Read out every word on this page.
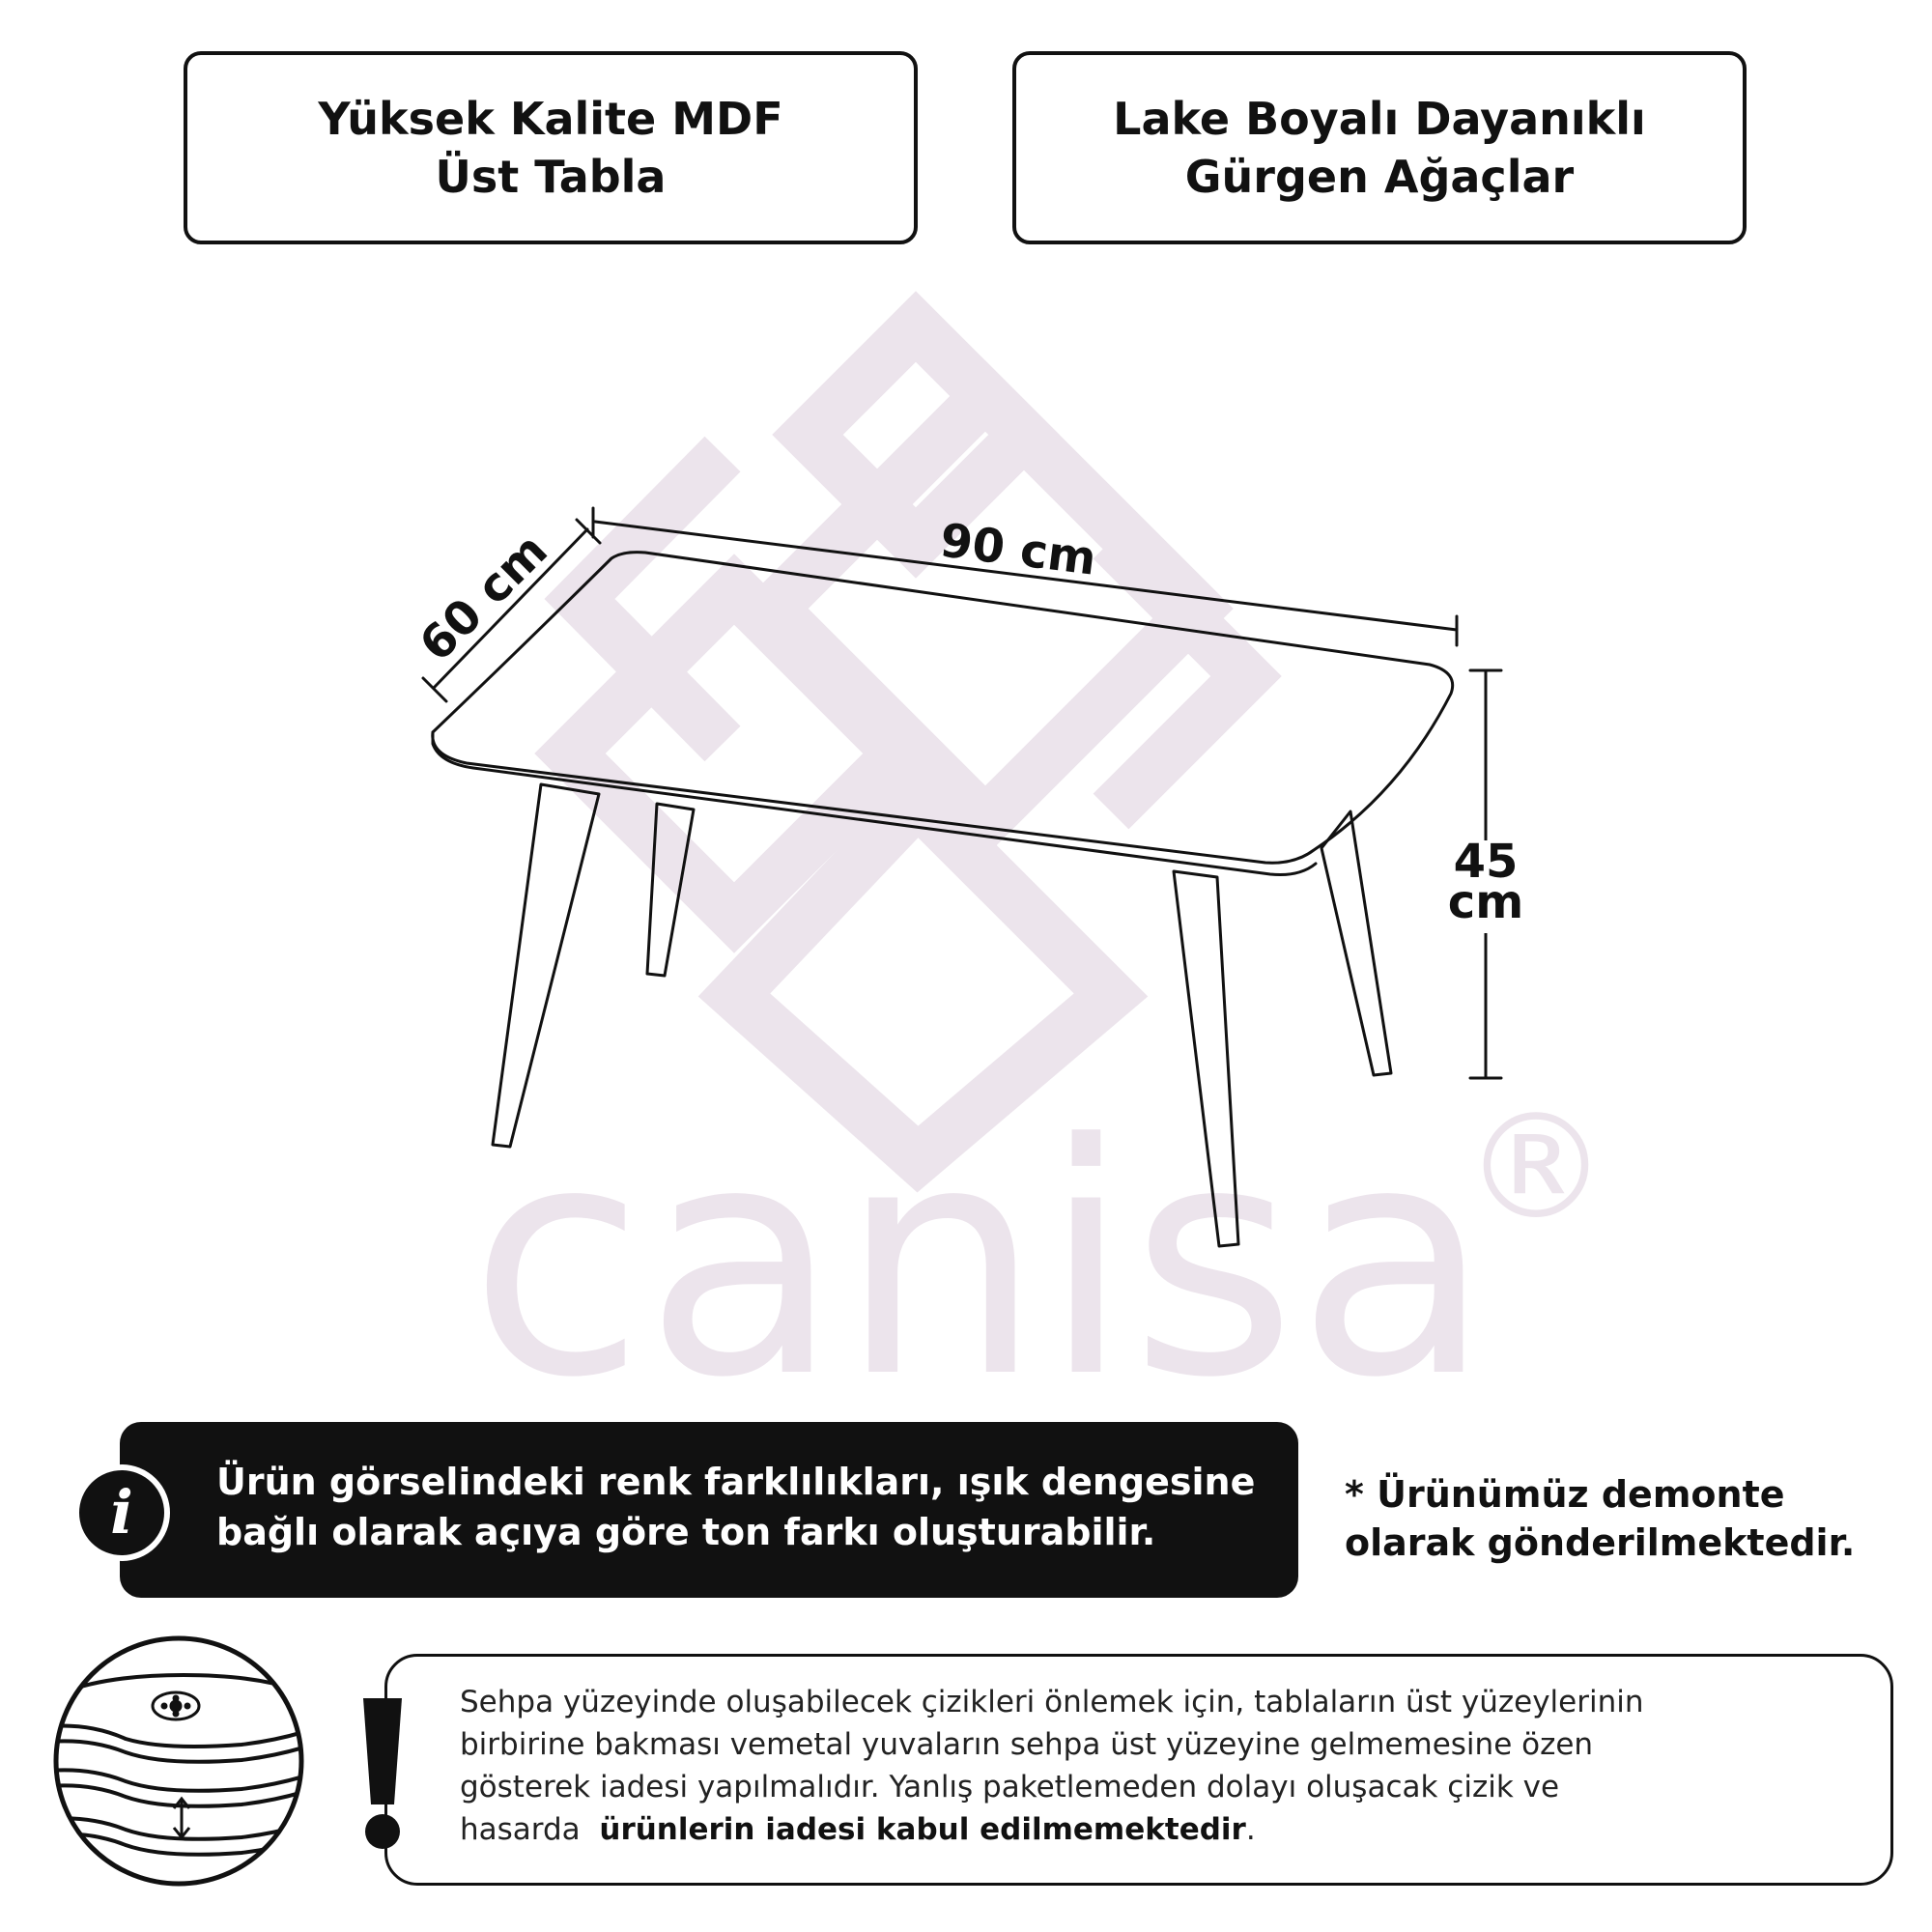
Yüksek Kalite MDF
Üst Tabla
Lake Boyalı Dayanıklı
Gürgen Ağaçlar
canisa
®
60 cm	90 cm
45
cm
Ürün görselindeki renk farklılıkları, ışık dengesine
bağlı olarak açıya göre ton farkı oluşturabilir.
i	* Ürünümüz demonte
olarak gönderilmektedir.
Sehpa yüzeyinde oluşabilecek çizikleri önlemek için, tablaların üst yüzeylerinin
birbirine bakması vemetal yuvaların sehpa üst yüzeyine gelmemesine özen
gösterek iadesi yapılmalıdır. Yanlış paketlemeden dolayı oluşacak çizik ve
hasarda  ürünlerin iadesi kabul edilmemektedir.
